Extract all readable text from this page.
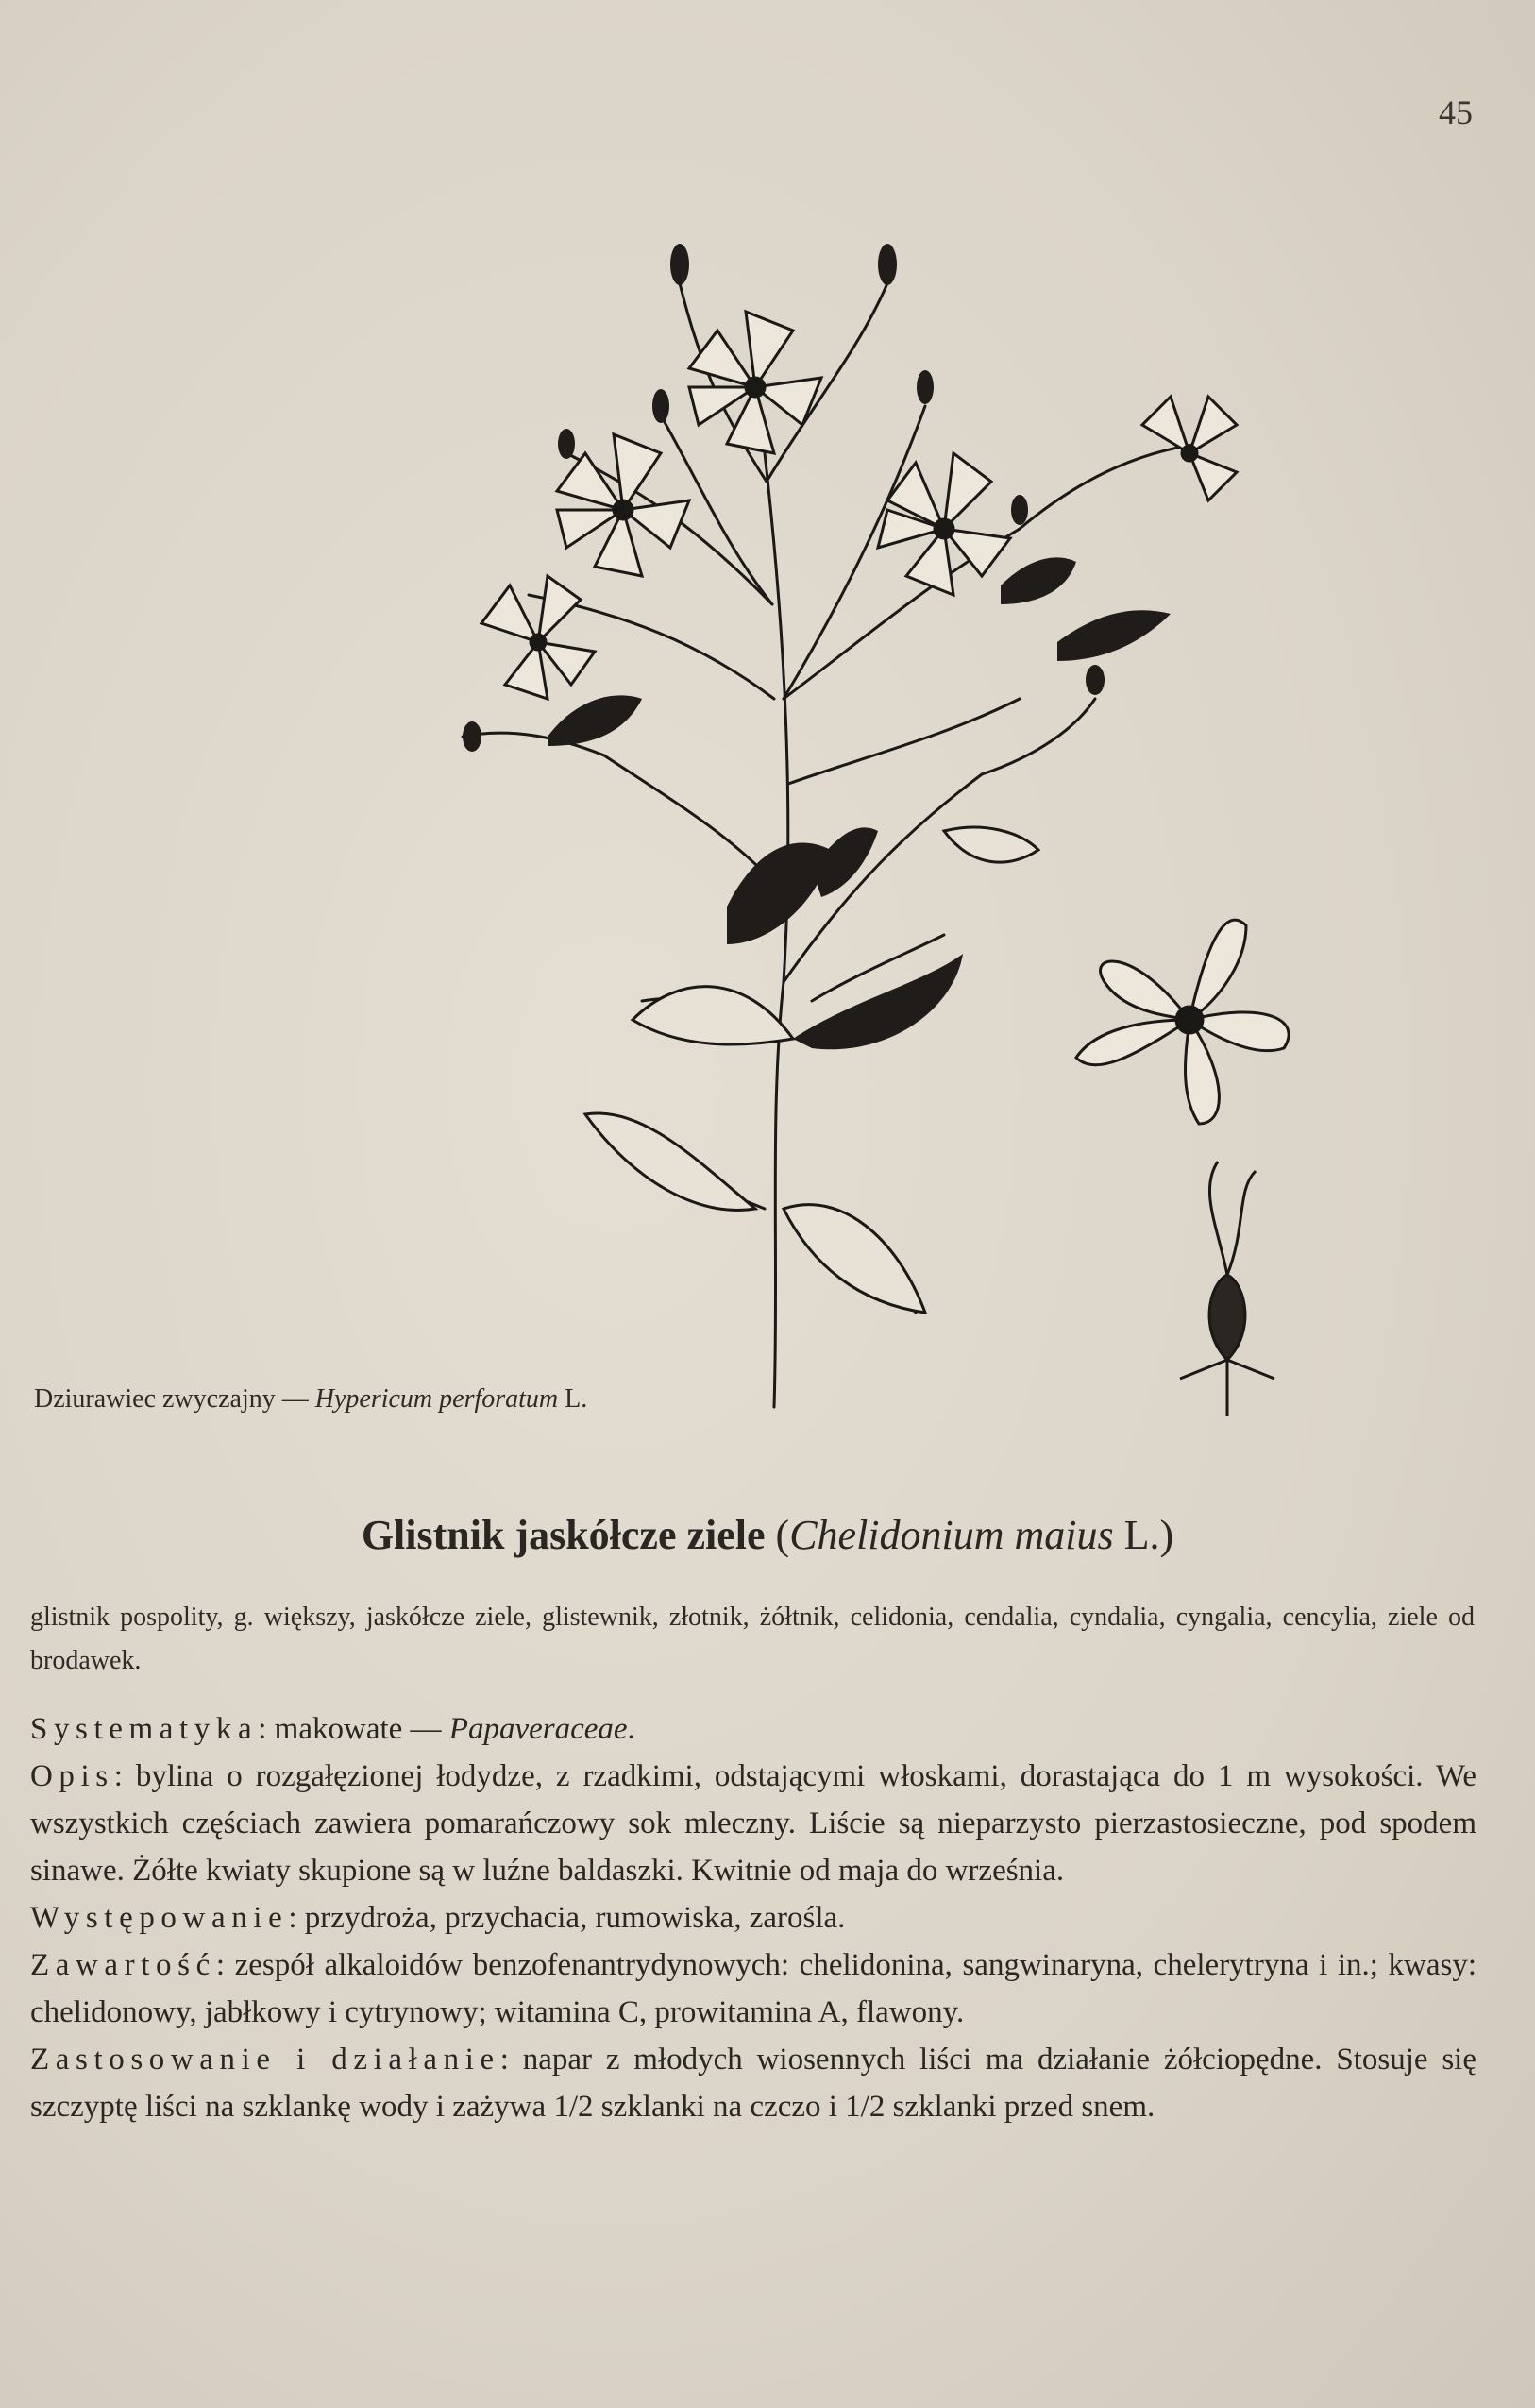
45
Dziurawiec zwyczajny — Hypericum perforatum L.
Glistnik jaskółcze ziele (Chelidonium maius L.)
glistnik pospolity, g. większy, jaskółcze ziele, glistewnik, złotnik, żółtnik, celidonia, cendalia, cyndalia, cyngalia, cencylia, ziele od brodawek.

Systematyka: makowate — Papaveraceae.

Opis: bylina o rozgałęzionej łodydze, z rzadkimi, odstającymi włoskami, dorastająca do 1 m wysokości. We wszystkich częściach zawiera pomarańczowy sok mleczny. Liście są nieparzysto pierzastosieczne, pod spodem sinawe. Żółte kwiaty skupione są w luźne baldaszki. Kwitnie od maja do września.

Występowanie: przydroża, przychacia, rumowiska, zarośla.

Zawartość: zespół alkaloidów benzofenantrydynowych: chelidonina, sangwinaryna, chelerytryna i in.; kwasy: chelidonowy, jabłkowy i cytrynowy; witamina C, prowitamina A, flawony.

Zastosowanie i działanie: napar z młodych wiosennych liści ma działanie żółciopędne. Stosuje się szczyptę liści na szklankę wody i zażywa 1/2 szklanki na czczo i 1/2 szklanki przed snem.
